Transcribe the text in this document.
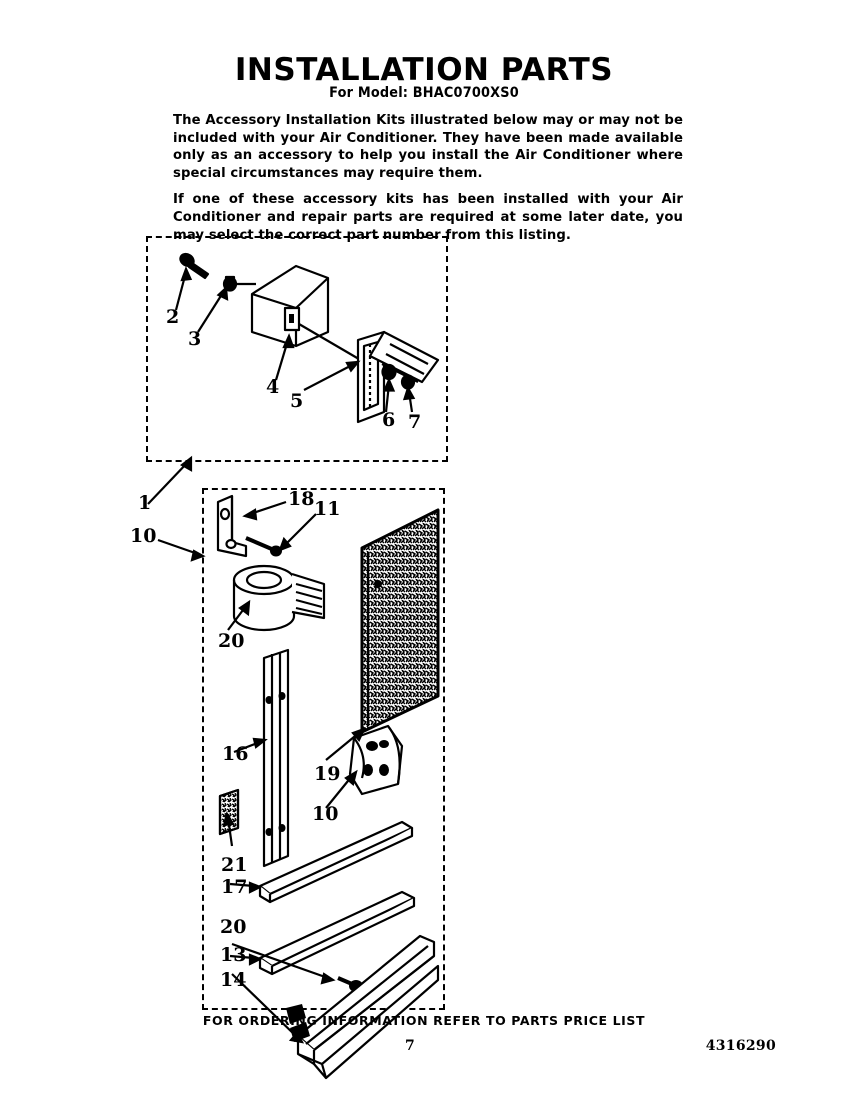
INSTALLATION PARTS
For Model: BHAC0700XS0

The Accessory Installation Kits illustrated below may or may not be included with your Air Conditioner. They have been made available only as an accessory to help you install the Air Conditioner where special circumstances may require them.

If one of these accessory kits has been installed with your Air Conditioner and repair parts are required at some later date, you may select the correct part number from this listing.

2
3
4
5
6 7
1
10
18 11
20
16
19
10
21
17
20
13
14
FOR ORDERING INFORMATION REFER TO PARTS PRICE LIST
7	4316290
